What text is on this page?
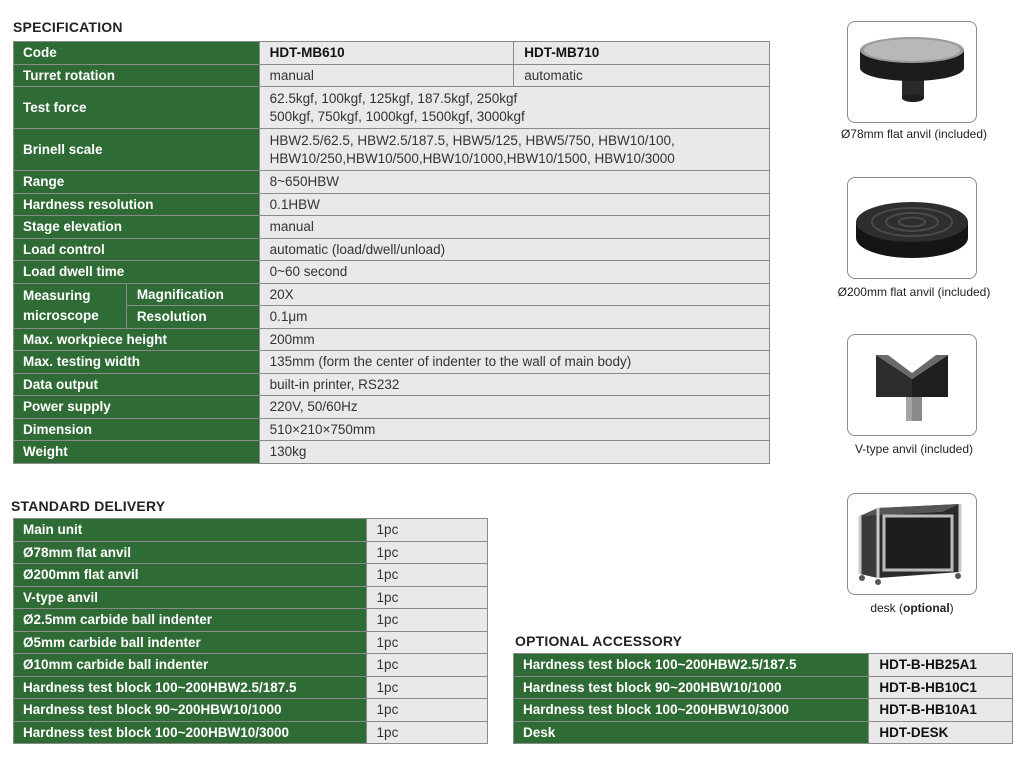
SPECIFICATION
Code		HDT-MB610	HDT-MB710
Turret rotation		manual	automatic
Test force		62.5kgf, 100kgf, 125kgf, 187.5kgf, 250kgf
500kgf, 750kgf, 1000kgf, 1500kgf, 3000kgf	

Brinell scale		HBW2.5/62.5, HBW2.5/187.5, HBW5/125, HBW5/750, HBW10/100,
HBW10/250,HBW10/500,HBW10/1000,HBW10/1500, HBW10/3000	

Range		8~650HBW	
Hardness resolution		0.1HBW	
Stage elevation		manual	
Load control		automatic (load/dwell/unload)	
Load dwell time		0~60 second	
Measuring microscope	Magnification	20X	
	Resolution	0.1μm	
Max. workpiece height		200mm	
Max. testing width		135mm (form the center of indenter to the wall of main body)	
Data output		built-in printer, RS232	
Power supply		220V, 50/60Hz	
Dimension		510×210×750mm	
Weight		130kg	
STANDARD DELIVERY
Main unit	1pc
Ø78mm flat anvil	1pc
Ø200mm flat anvil	1pc
V-type anvil	1pc
Ø2.5mm carbide ball indenter	1pc
Ø5mm carbide ball indenter	1pc
Ø10mm carbide ball indenter	1pc
Hardness test block 100~200HBW2.5/187.5	1pc
Hardness test block 90~200HBW10/1000	1pc
Hardness test block 100~200HBW10/3000	1pc
OPTIONAL ACCESSORY
Hardness test block 100~200HBW2.5/187.5	HDT-B-HB25A1
Hardness test block 90~200HBW10/1000	HDT-B-HB10C1
Hardness test block 100~200HBW10/3000	HDT-B-HB10A1
Desk	HDT-DESK
Ø78mm flat anvil (included)
Ø200mm flat anvil (included)
V-type anvil (included)
desk (optional)
